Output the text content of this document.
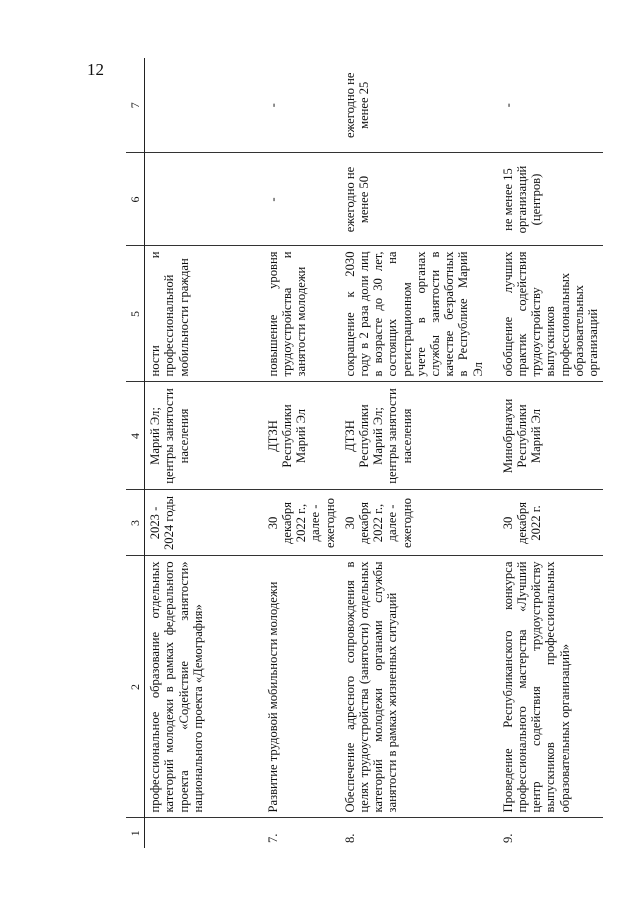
12
1	2	3	4	5	6	7
	профессиональное образование отдельных категорий молодежи в рамках федерального проекта «Содействие занятости» национального проекта «Демография»	2023 - 2024 годы	Марий Эл; центры занятости населения	ности и профессиональной мобильности граждан		
7.	Развитие трудовой мобильности молодежи	30 декабря 2022 г., далее - ежегодно	ДТЗН Республики Марий Эл	повышение уровня трудоустройства и занятости молодежи	-	-
8.	Обеспечение адресного сопровождения в целях трудоустройства (занятости) отдельных категорий молодежи органами службы занятости в рамках жизненных ситуаций	30 декабря 2022 г., далее - ежегодно	ДТЗН Республики Марий Эл; центры занятости населения	сокращение к 2030 году в 2 раза доли лиц в возрасте до 30 лет, состоящих на регистрационном учете в органах службы занятости в качестве безработных в Республике Марий Эл	ежегодно не менее 50	ежегодно не менее 25
9.	Проведение Республиканского конкурса профессионального мастерства «Лучший центр содействия трудоустройству выпускников профессиональных образовательных организаций»	30 декабря 2022 г.	Минобрнауки Республики Марий Эл	обобщение лучших практик содействия трудоустройству выпускников профессиональных образовательных организаций	не менее 15 организаций (центров)	-
